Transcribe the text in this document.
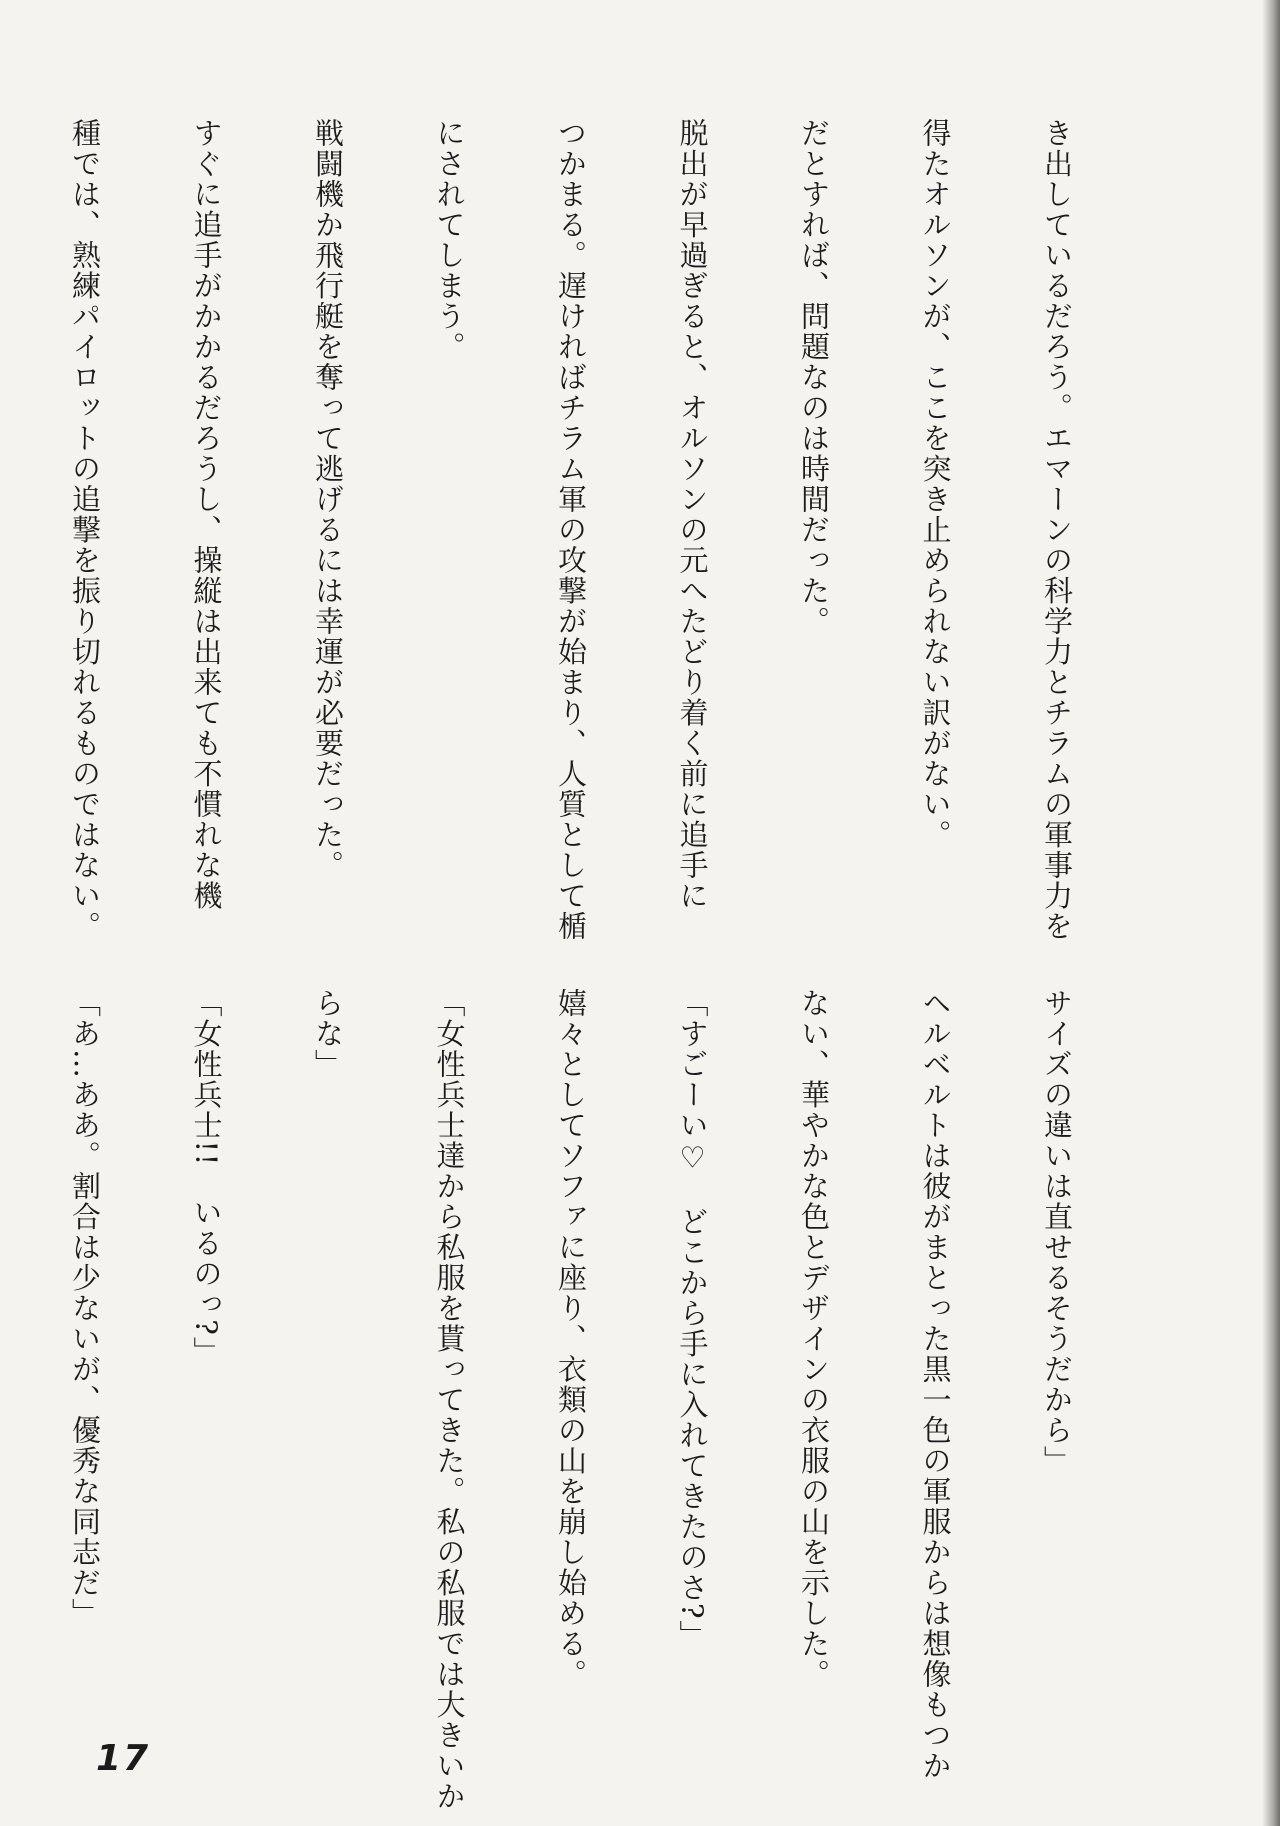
き出しているだろう。エマーンの科学力とチラムの軍事力を

得たオルソンが、ここを突き止められない訳がない。

だとすれば、問題なのは時間だった。

脱出が早過ぎると、オルソンの元へたどり着く前に追手に

つかまる。遅ければチラム軍の攻撃が始まり、人質として楯

にされてしまう。

戦闘機か飛行艇を奪って逃げるには幸運が必要だった。

すぐに追手がかかるだろうし、操縦は出来ても不慣れな機

種では、熟練パイロットの追撃を振り切れるものではない。

サイズの違いは直せるそうだから」

ヘルベルトは彼がまとった黒一色の軍服からは想像もつか

ない、華やかな色とデザインの衣服の山を示した。

「すごーい♡　どこから手に入れてきたのさ?」

嬉々としてソファに座り、衣類の山を崩し始める。

「女性兵士達から私服を貰ってきた。私の私服では大きいか

らな」

「女性兵士!!　いるのっ?」

「あ…ああ。割合は少ないが、優秀な同志だ」

17
